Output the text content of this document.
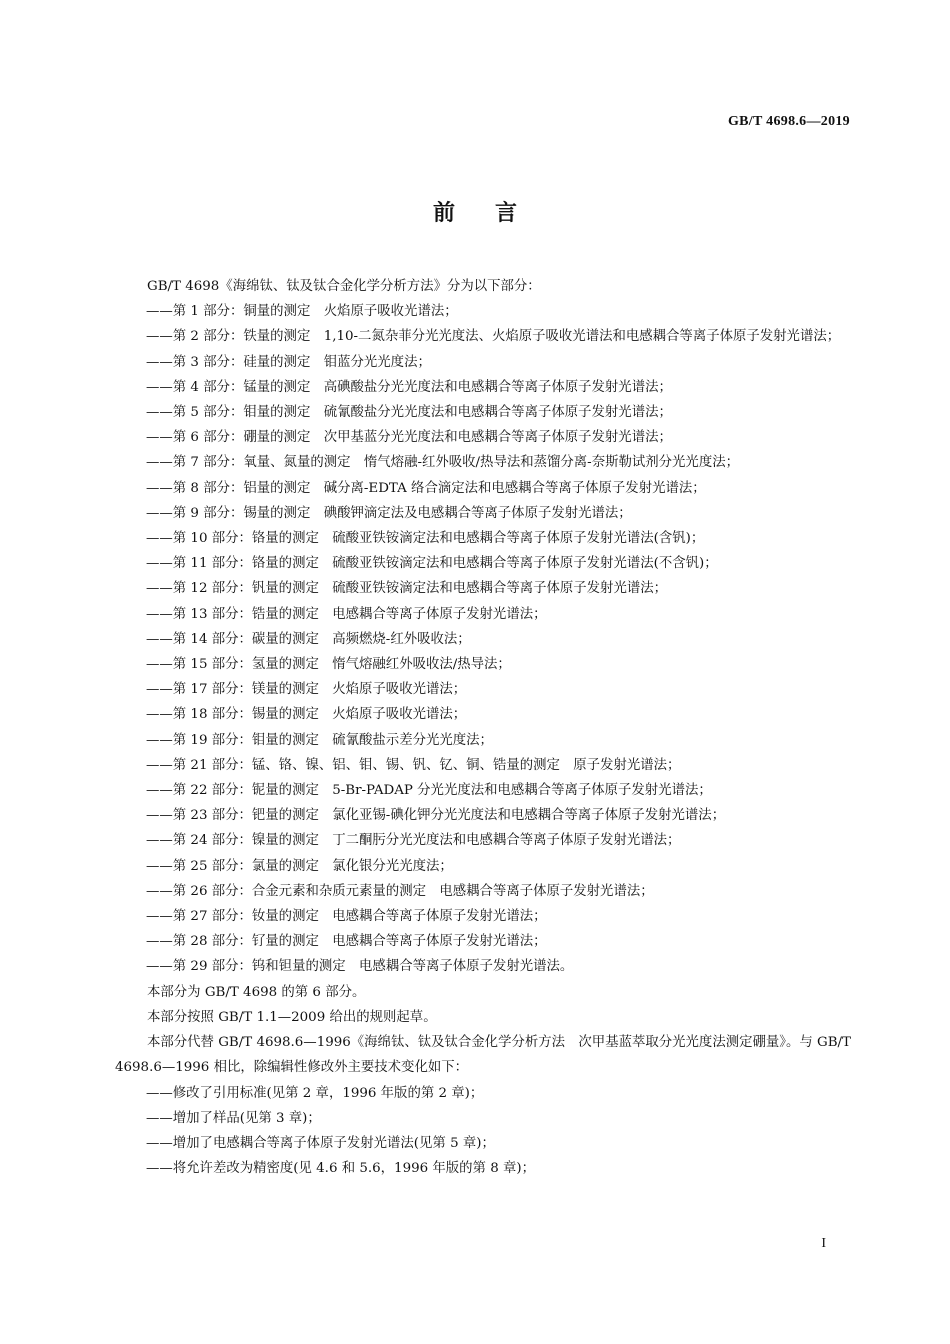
GB/T 4698.6—2019
前言

GB/T 4698《海绵钛、钛及钛合金化学分析方法》分为以下部分：

——第 1 部分：铜量的测定　火焰原子吸收光谱法；

——第 2 部分：铁量的测定　1,10-二氮杂菲分光光度法、火焰原子吸收光谱法和电感耦合等离子体原子发射光谱法；

——第 3 部分：硅量的测定　钼蓝分光光度法；

——第 4 部分：锰量的测定　高碘酸盐分光光度法和电感耦合等离子体原子发射光谱法；

——第 5 部分：钼量的测定　硫氰酸盐分光光度法和电感耦合等离子体原子发射光谱法；

——第 6 部分：硼量的测定　次甲基蓝分光光度法和电感耦合等离子体原子发射光谱法；

——第 7 部分：氧量、氮量的测定　惰气熔融-红外吸收/热导法和蒸馏分离-奈斯勒试剂分光光度法；

——第 8 部分：铝量的测定　碱分离-EDTA 络合滴定法和电感耦合等离子体原子发射光谱法；

——第 9 部分：锡量的测定　碘酸钾滴定法及电感耦合等离子体原子发射光谱法；

——第 10 部分：铬量的测定　硫酸亚铁铵滴定法和电感耦合等离子体原子发射光谱法(含钒)；

——第 11 部分：铬量的测定　硫酸亚铁铵滴定法和电感耦合等离子体原子发射光谱法(不含钒)；

——第 12 部分：钒量的测定　硫酸亚铁铵滴定法和电感耦合等离子体原子发射光谱法；

——第 13 部分：锆量的测定　电感耦合等离子体原子发射光谱法；

——第 14 部分：碳量的测定　高频燃烧-红外吸收法；

——第 15 部分：氢量的测定　惰气熔融红外吸收法/热导法；

——第 17 部分：镁量的测定　火焰原子吸收光谱法；

——第 18 部分：锡量的测定　火焰原子吸收光谱法；

——第 19 部分：钼量的测定　硫氰酸盐示差分光光度法；

——第 21 部分：锰、铬、镍、铝、钼、锡、钒、钇、铜、锆量的测定　原子发射光谱法；

——第 22 部分：铌量的测定　5-Br-PADAP 分光光度法和电感耦合等离子体原子发射光谱法；

——第 23 部分：钯量的测定　氯化亚锡-碘化钾分光光度法和电感耦合等离子体原子发射光谱法；

——第 24 部分：镍量的测定　丁二酮肟分光光度法和电感耦合等离子体原子发射光谱法；

——第 25 部分：氯量的测定　氯化银分光光度法；

——第 26 部分：合金元素和杂质元素量的测定　电感耦合等离子体原子发射光谱法；

——第 27 部分：钕量的测定　电感耦合等离子体原子发射光谱法；

——第 28 部分：钌量的测定　电感耦合等离子体原子发射光谱法；

——第 29 部分：钨和钽量的测定　电感耦合等离子体原子发射光谱法。

本部分为 GB/T 4698 的第 6 部分。

本部分按照 GB/T 1.1—2009 给出的规则起草。

本部分代替 GB/T 4698.6—1996《海绵钛、钛及钛合金化学分析方法　次甲基蓝萃取分光光度法测定硼量》。与 GB/T 4698.6—1996 相比，除编辑性修改外主要技术变化如下：

——修改了引用标准(见第 2 章，1996 年版的第 2 章)；

——增加了样品(见第 3 章)；

——增加了电感耦合等离子体原子发射光谱法(见第 5 章)；

——将允许差改为精密度(见 4.6 和 5.6，1996 年版的第 8 章)；

I
